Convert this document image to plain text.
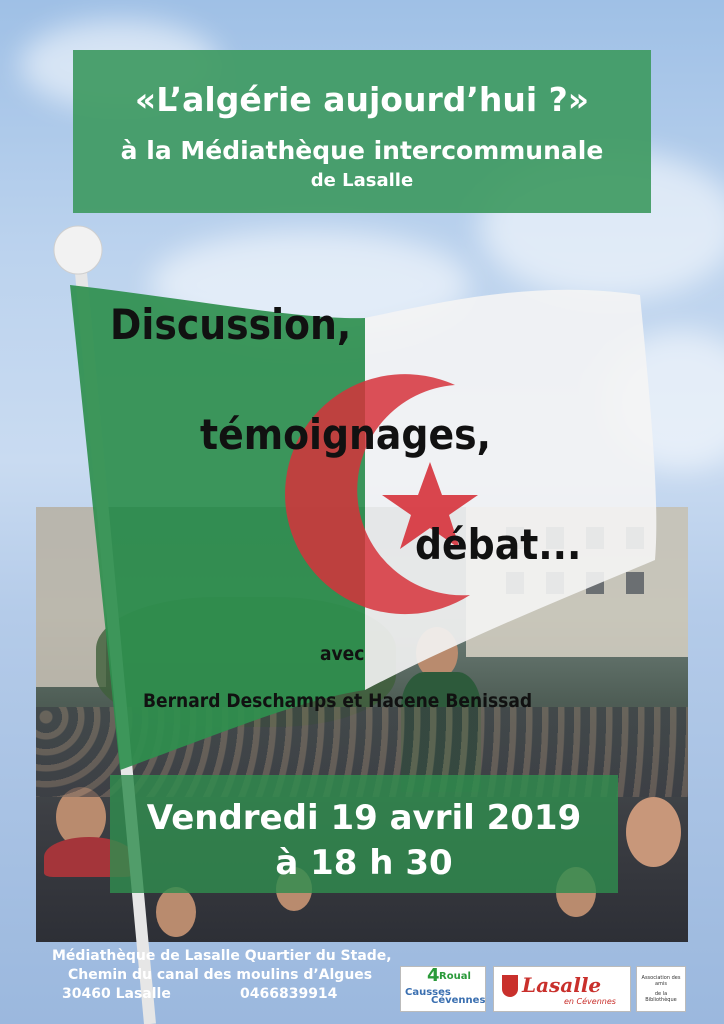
«L’algérie aujourd’hui ?»
à la Médiathèque intercommunale
de Lasalle
Discussion,
témoignages,
débat...
avec
Bernard Deschamps et Hacene Benissad
Vendredi 19 avril 2019
à 18 h 30
Médiathèque de Lasalle Quartier du Stade,
Chemin du canal des moulins d’Algues
30460 Lasalle	0466839914
4 Roual
Causses
Cévennes
Lasalle
en Cévennes
Association des amis
de la Bibliothèque
